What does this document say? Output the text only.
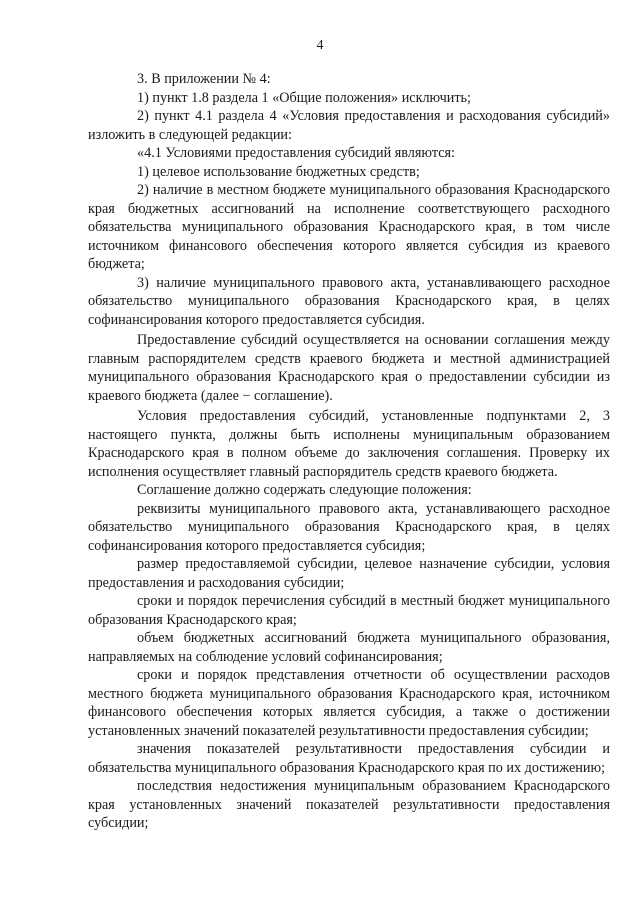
4

3. В приложении № 4:

1) пункт 1.8 раздела 1 «Общие положения» исключить;

2) пункт 4.1 раздела 4 «Условия предоставления и расходования субсидий» изложить в следующей редакции:

«4.1 Условиями предоставления субсидий являются:

1) целевое использование бюджетных средств;

2) наличие в местном бюджете муниципального образования Краснодарского края бюджетных ассигнований на исполнение соответствующего расходного обязательства муниципального образования Краснодарского края, в том числе источником финансового обеспечения которого является субсидия из краевого бюджета;

3) наличие муниципального правового акта, устанавливающего расходное обязательство муниципального образования Краснодарского края, в целях софинансирования которого предоставляется субсидия.

Предоставление субсидий осуществляется на основании соглашения между главным распорядителем средств краевого бюджета и местной администрацией муниципального образования Краснодарского края о предоставлении субсидии из краевого бюджета (далее − соглашение).

Условия предоставления субсидий, установленные подпунктами 2, 3 настоящего пункта, должны быть исполнены муниципальным образованием Краснодарского края в полном объеме до заключения соглашения. Проверку их исполнения осуществляет главный распорядитель средств краевого бюджета.

Соглашение должно содержать следующие положения:

реквизиты муниципального правового акта, устанавливающего расходное обязательство муниципального образования Краснодарского края, в целях софинансирования которого предоставляется субсидия;

размер предоставляемой субсидии, целевое назначение субсидии, условия предоставления и расходования субсидии;

сроки и порядок перечисления субсидий в местный бюджет муниципального образования Краснодарского края;

объем бюджетных ассигнований бюджета муниципального образования, направляемых на соблюдение условий софинансирования;

сроки и порядок представления отчетности об осуществлении расходов местного бюджета муниципального образования Краснодарского края, источником финансового обеспечения которых является субсидия, а также о достижении установленных значений показателей результативности предоставления субсидии;

значения показателей результативности предоставления субсидии и обязательства муниципального образования Краснодарского края по их достижению;

последствия недостижения муниципальным образованием Краснодарского края установленных значений показателей результативности предоставления субсидии;
